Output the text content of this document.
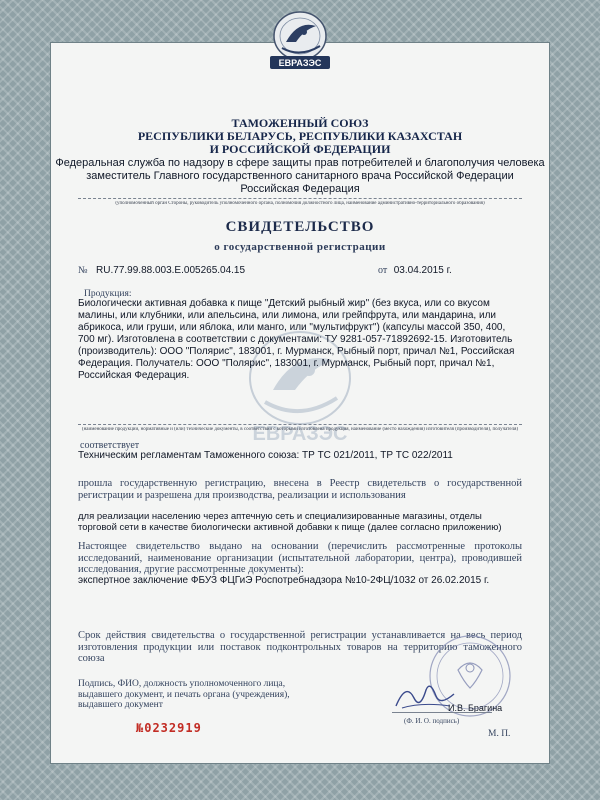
ЕВРАЗЭС
ТАМОЖЕННЫЙ СОЮЗ
РЕСПУБЛИКИ БЕЛАРУСЬ, РЕСПУБЛИКИ КАЗАХСТАН
И РОССИЙСКОЙ ФЕДЕРАЦИИ
Федеральная служба по надзору в сфере защиты прав потребителей и благополучия человека
заместитель Главного государственного санитарного врача Российской Федерации
Российская Федерация
(уполномоченный орган Стороны, руководитель уполномоченного органа, полномочия должностного лица, наименование административно-территориального образования)
СВИДЕТЕЛЬСТВО
о государственной регистрации
№ RU.77.99.88.003.Е.005265.04.15	от 03.04.2015 г.
ЕВРАЗЭС
Продукция:
Биологически активная добавка к пище "Детский рыбный жир" (без вкуса, или со вкусом малины, или клубники, или апельсина, или лимона, или грейпфрута, или мандарина, или абрикоса, или груши, или яблока, или манго, или "мультифрукт") (капсулы массой 350, 400, 700 мг). Изготовлена в соответствии с документами: ТУ 9281-057-71892692-15. Изготовитель (производитель): ООО "Полярис", 183001, г. Мурманск, Рыбный порт, причал №1, Российская Федерация. Получатель: ООО "Полярис", 183001, г. Мурманск, Рыбный порт, причал №1, Российская Федерация.
(наименование продукции, нормативные и (или) технические документы, в соответствии с которыми изготовлена продукция, наименование (место нахождения) изготовителя (производителя), получателя)
соответствует
Техническим регламентам Таможенного союза: ТР ТС 021/2011, ТР ТС 022/2011
прошла государственную регистрацию, внесена в Реестр свидетельств о государственной регистрации и разрешена для производства, реализации и использования
для реализации населению через аптечную сеть и специализированные магазины, отделы торговой сети в качестве биологически активной добавки к пище (далее согласно приложению)
Настоящее свидетельство выдано на основании (перечислить рассмотренные протоколы исследований, наименование организации (испытательной лаборатории, центра), проводившей исследования, другие рассмотренные документы):
экспертное заключение ФБУЗ ФЦГиЭ Роспотребнадзора №10-2ФЦ/1032 от 26.02.2015 г.
Срок действия свидетельства о государственной регистрации устанавливается на весь период изготовления продукции или поставок подконтрольных товаров на территорию таможенного союза
Подпись, ФИО, должность уполномоченного лица, выдавшего документ, и печать органа (учреждения), выдавшего документ	И.В. Брагина
(Ф. И. О. подпись)
М. П.
№0232919
